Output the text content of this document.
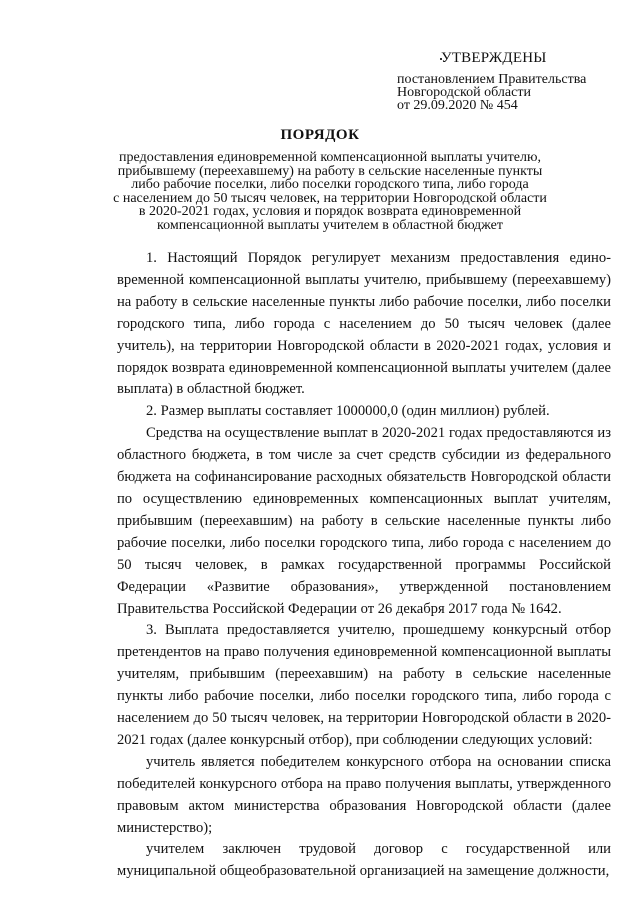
УТВЕРЖДЕНЫ
постановлением Правительства
Новгородской области
от 29.09.2020 № 454
ПОРЯДОК
предоставления единовременной компенсационной выплаты учителю,
прибывшему (переехавшему) на работу в сельские населенные пункты
либо рабочие поселки, либо поселки городского типа, либо города
с населением до 50 тысяч человек, на территории Новгородской области
в 2020-2021 годах, условия и порядок возврата единовременной
компенсационной выплаты учителем в областной бюджет

1. Настоящий Порядок регулирует механизм предоставления едино-временной компенсационной выплаты учителю, прибывшему (переехавшему) на работу в сельские населенные пункты либо рабочие поселки, либо поселки городского типа, либо города с населением до 50 тысяч человек (далее учитель), на территории Новгородской области в 2020-2021 годах, условия и порядок возврата единовременной компенсационной выплаты учителем (далее выплата) в областной бюджет.

2. Размер выплаты составляет 1000000,0 (один миллион) рублей.

Средства на осуществление выплат в 2020-2021 годах предоставляются из областного бюджета, в том числе за счет средств субсидии из федерального бюджета на софинансирование расходных обязательств Новгородской области по осуществлению единовременных компенсационных выплат учителям, прибывшим (переехавшим) на работу в сельские населенные пункты либо рабочие поселки, либо поселки городского типа, либо города с населением до 50 тысяч человек, в рамках государственной программы Российской Федерации «Развитие образования», утвержденной постановлением Правительства Российской Федерации от 26 декабря 2017 года № 1642.

3. Выплата предоставляется учителю, прошедшему конкурсный отбор претендентов на право получения единовременной компенсационной выплаты учителям, прибывшим (переехавшим) на работу в сельские населенные пункты либо рабочие поселки, либо поселки городского типа, либо города с населением до 50 тысяч человек, на территории Новгородской области в 2020-2021 годах (далее конкурсный отбор), при соблюдении следующих условий:

учитель является победителем конкурсного отбора на основании списка победителей конкурсного отбора на право получения выплаты, утвержденного правовым актом министерства образования Новгородской области (далее министерство);

учителем заключен трудовой договор с государственной или муниципальной общеобразовательной организацией на замещение должности,
